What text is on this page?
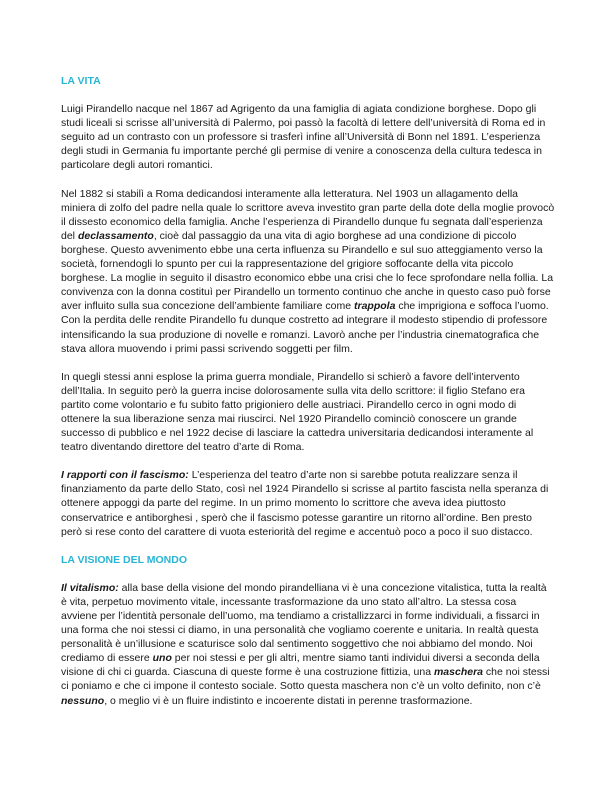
LA VITA

Luigi Pirandello nacque nel 1867 ad Agrigento da una famiglia di agiata condizione borghese. Dopo gli studi liceali si scrisse all’università di Palermo, poi passò la facoltà di lettere dell’università di Roma ed in seguito ad un contrasto con un professore si trasferì infine all’Università di Bonn nel 1891. L’esperienza degli studi in Germania fu importante perché gli permise di venire a conoscenza della cultura tedesca in particolare degli autori romantici.

Nel 1882 si stabilì a Roma dedicandosi interamente alla letteratura. Nel 1903 un allagamento della miniera di zolfo del padre nella quale lo scrittore aveva investito gran parte della dote della moglie provocò il dissesto economico della famiglia. Anche l’esperienza di Pirandello dunque fu segnata dall’esperienza del declassamento, cioè dal passaggio da una vita di agio borghese ad una condizione di piccolo borghese. Questo avvenimento ebbe una certa influenza su Pirandello e sul suo atteggiamento verso la società, fornendogli lo spunto per cui la rappresentazione del grigiore soffocante della vita piccolo borghese. La moglie in seguito il disastro economico ebbe una crisi che lo fece sprofondare nella follia. La convivenza con la donna costituì per Pirandello un tormento continuo che anche in questo caso può forse aver influito sulla sua concezione dell’ambiente familiare come trappola che imprigiona e soffoca l’uomo.
Con la perdita delle rendite Pirandello fu dunque costretto ad integrare il modesto stipendio di professore intensificando la sua produzione di novelle e romanzi. Lavorò anche per l’industria cinematografica che stava allora muovendo i primi passi scrivendo soggetti per film.

In quegli stessi anni esplose la prima guerra mondiale, Pirandello si schierò a favore dell’intervento dell’Italia. In seguito però la guerra incise dolorosamente sulla vita dello scrittore: il figlio Stefano era partito come volontario e fu subito fatto prigioniero delle austriaci. Pirandello cerco in ogni modo di ottenere la sua liberazione senza mai riuscirci. Nel 1920 Pirandello cominciò conoscere un grande successo di pubblico e nel 1922 decise di lasciare la cattedra universitaria dedicandosi interamente al teatro diventando direttore del teatro d’arte di Roma.

I rapporti con il fascismo: L’esperienza del teatro d’arte non si sarebbe potuta realizzare senza il finanziamento da parte dello Stato, così nel 1924 Pirandello si scrisse al partito fascista nella speranza di ottenere appoggi da parte del regime. In un primo momento lo scrittore che aveva idea piuttosto conservatrice e antiborghesi , sperò che il fascismo potesse garantire un ritorno all’ordine. Ben presto però si rese conto del carattere di vuota esteriorità del regime e accentuò poco a poco il suo distacco.

LA VISIONE DEL MONDO

Il vitalismo: alla base della visione del mondo pirandelliana vi è una concezione vitalistica, tutta la realtà è vita, perpetuo movimento vitale, incessante trasformazione da uno stato all’altro. La stessa cosa avviene per l’identità personale dell’uomo, ma tendiamo a cristallizzarci in forme individuali, a fissarci in una forma che noi stessi ci diamo, in una personalità che vogliamo coerente e unitaria. In realtà questa personalità è un’illusione e scaturisce solo dal sentimento soggettivo che noi abbiamo del mondo. Noi crediamo di essere uno per noi stessi e per gli altri, mentre siamo tanti individui diversi a seconda della visione di chi ci guarda. Ciascuna di queste forme è una costruzione fittizia, una maschera che noi stessi ci poniamo e che ci impone il contesto sociale. Sotto questa maschera non c’è un volto definito, non c’è nessuno, o meglio vi è un fluire indistinto e incoerente distati in perenne trasformazione.
